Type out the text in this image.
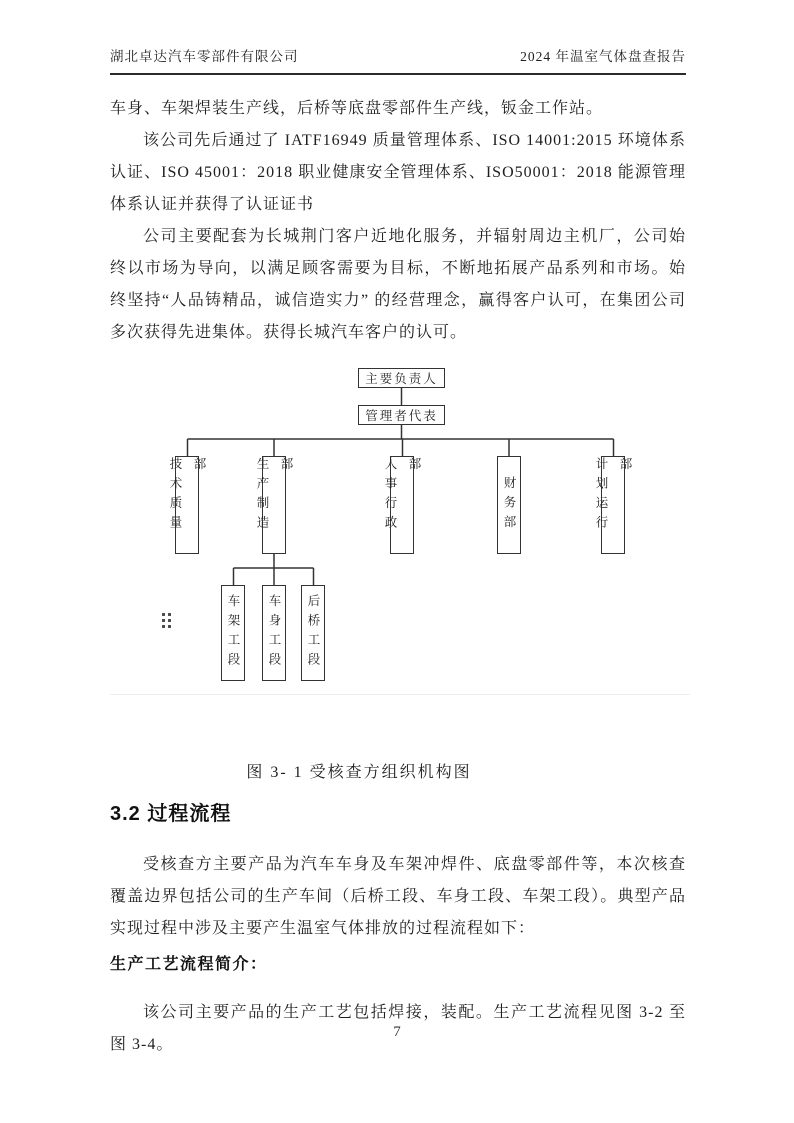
湖北卓达汽车零部件有限公司	2024 年温室气体盘查报告

车身、车架焊装生产线，后桥等底盘零部件生产线，钣金工作站。

该公司先后通过了 IATF16949 质量管理体系、ISO 14001:2015 环境体系认证、ISO 45001：2018 职业健康安全管理体系、ISO50001：2018 能源管理体系认证并获得了认证证书

公司主要配套为长城荆门客户近地化服务，并辐射周边主机厂，公司始终以市场为导向，以满足顾客需要为目标，不断地拓展产品系列和市场。始终坚持“人品铸精品，诚信造实力” 的经营理念，赢得客户认可，在集团公司多次获得先进集体。获得长城汽车客户的认可。

主要负责人
管理者代表
技术质量部	生产制造部	人事行政部
财务部	计划运行部
车架工段	车身工段	后桥工段
图 3- 1 受核查方组织机构图
3.2 过程流程

受核查方主要产品为汽车车身及车架冲焊件、底盘零部件等，本次核查覆盖边界包括公司的生产车间（后桥工段、车身工段、车架工段）。典型产品实现过程中涉及主要产生温室气体排放的过程流程如下：

生产工艺流程简介：

该公司主要产品的生产工艺包括焊接，装配。生产工艺流程见图 3-2 至图 3-4。

7
